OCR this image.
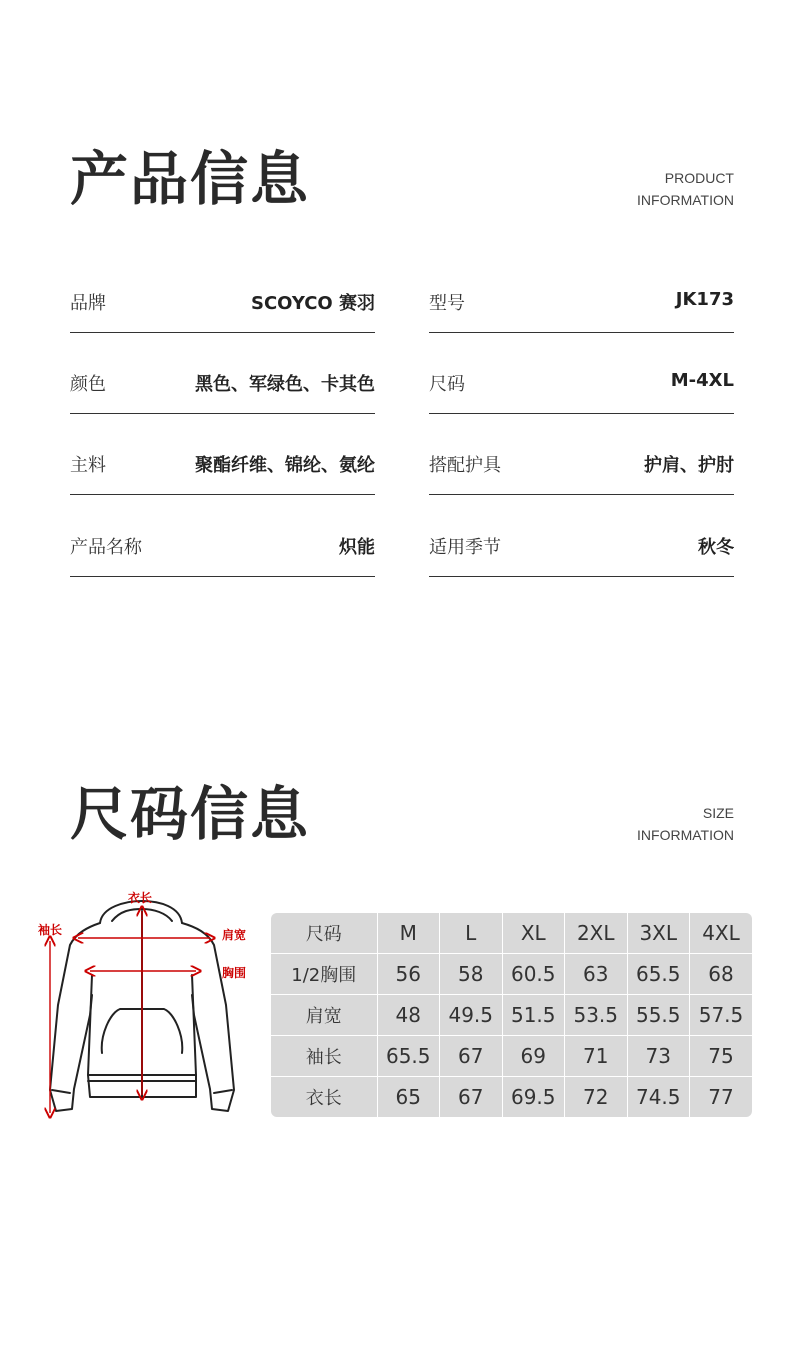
产品信息	PRODUCT
INFORMATION
品牌	SCOYCO 赛羽	型号	JK173
颜色	黑色、军绿色、卡其色	尺码	M-4XL
主料	聚酯纤维、锦纶、氨纶	搭配护具	护肩、护肘
产品名称	炽能	适用季节	秋冬
尺码信息	SIZE
INFORMATION
衣长
袖长	肩宽
胸围
尺码	M	L	XL	2XL	3XL	4XL
1/2胸围	56	58	60.5	63	65.5	68
肩宽	48	49.5	51.5	53.5	55.5	57.5
袖长	65.5	67	69	71	73	75
衣长	65	67	69.5	72	74.5	77
